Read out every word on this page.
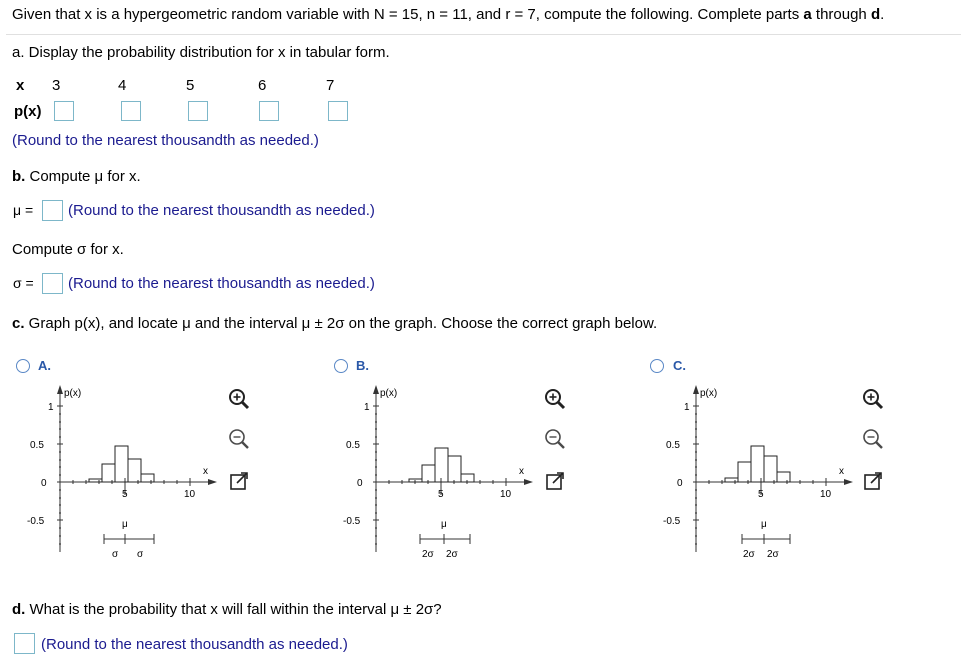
Given that x is a hypergeometric random variable with N = 15, n = 11, and r = 7, compute the following. Complete parts a through d.
a. Display the probability distribution for x in tabular form.
x 3	4	5	6	7
p(x)
(Round to the nearest thousandth as needed.)
b. Compute μ for x.
μ = (Round to the nearest thousandth as needed.)
Compute σ for x.
σ = (Round to the nearest thousandth as needed.)
c. Graph p(x), and locate μ and the interval μ ± 2σ on the graph. Choose the correct graph below.
A.
p(x)
1
0.5
0
-0.5
x
5	10
μ
σ σ
B.
p(x)
1
0.5
0
-0.5
x
5	10
μ
2σ 2σ
C.
p(x)
1
0.5
0
-0.5
x
5	10
μ
2σ 2σ
d. What is the probability that x will fall within the interval μ ± 2σ?
(Round to the nearest thousandth as needed.)
